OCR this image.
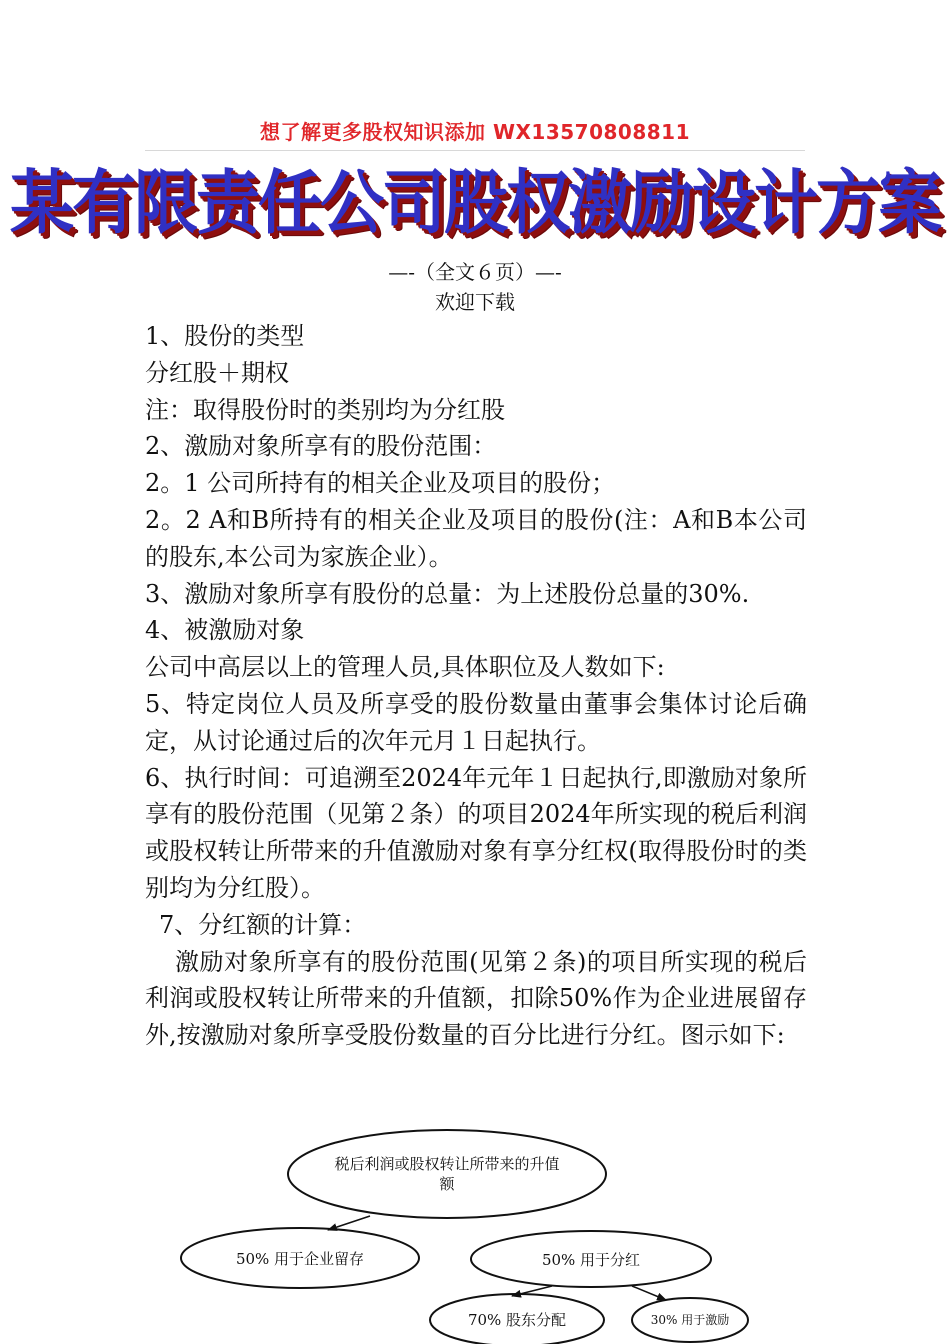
想了解更多股权知识添加 WX13570808811
某有限责任公司股权激励设计方案
—-（全文６页）—-
欢迎下载

1、股份的类型

分红股＋期权

注：取得股份时的类别均为分红股

2、激励对象所享有的股份范围：

2。1 公司所持有的相关企业及项目的股份；

2。2 A和B所持有的相关企业及项目的股份(注：A和B本公司的股东,本公司为家族企业）。

3、激励对象所享有股份的总量：为上述股份总量的30%.

4、被激励对象

公司中高层以上的管理人员,具体职位及人数如下:

5、特定岗位人员及所享受的股份数量由董事会集体讨论后确定，从讨论通过后的次年元月１日起执行。

6、执行时间：可追溯至2024年元年１日起执行,即激励对象所享有的股份范围（见第２条）的项目2024年所实现的税后利润或股权转让所带来的升值激励对象有享分红权(取得股份时的类别均为分红股）。

7、分红额的计算：

激励对象所享有的股份范围(见第２条)的项目所实现的税后利润或股权转让所带来的升值额，扣除50%作为企业进展留存外,按激励对象所享受股份数量的百分比进行分红。图示如下:

税后利润或股权转让所带来的升值额
50% 用于企业留存	50% 用于分红
70% 股东分配	30% 用于激励
